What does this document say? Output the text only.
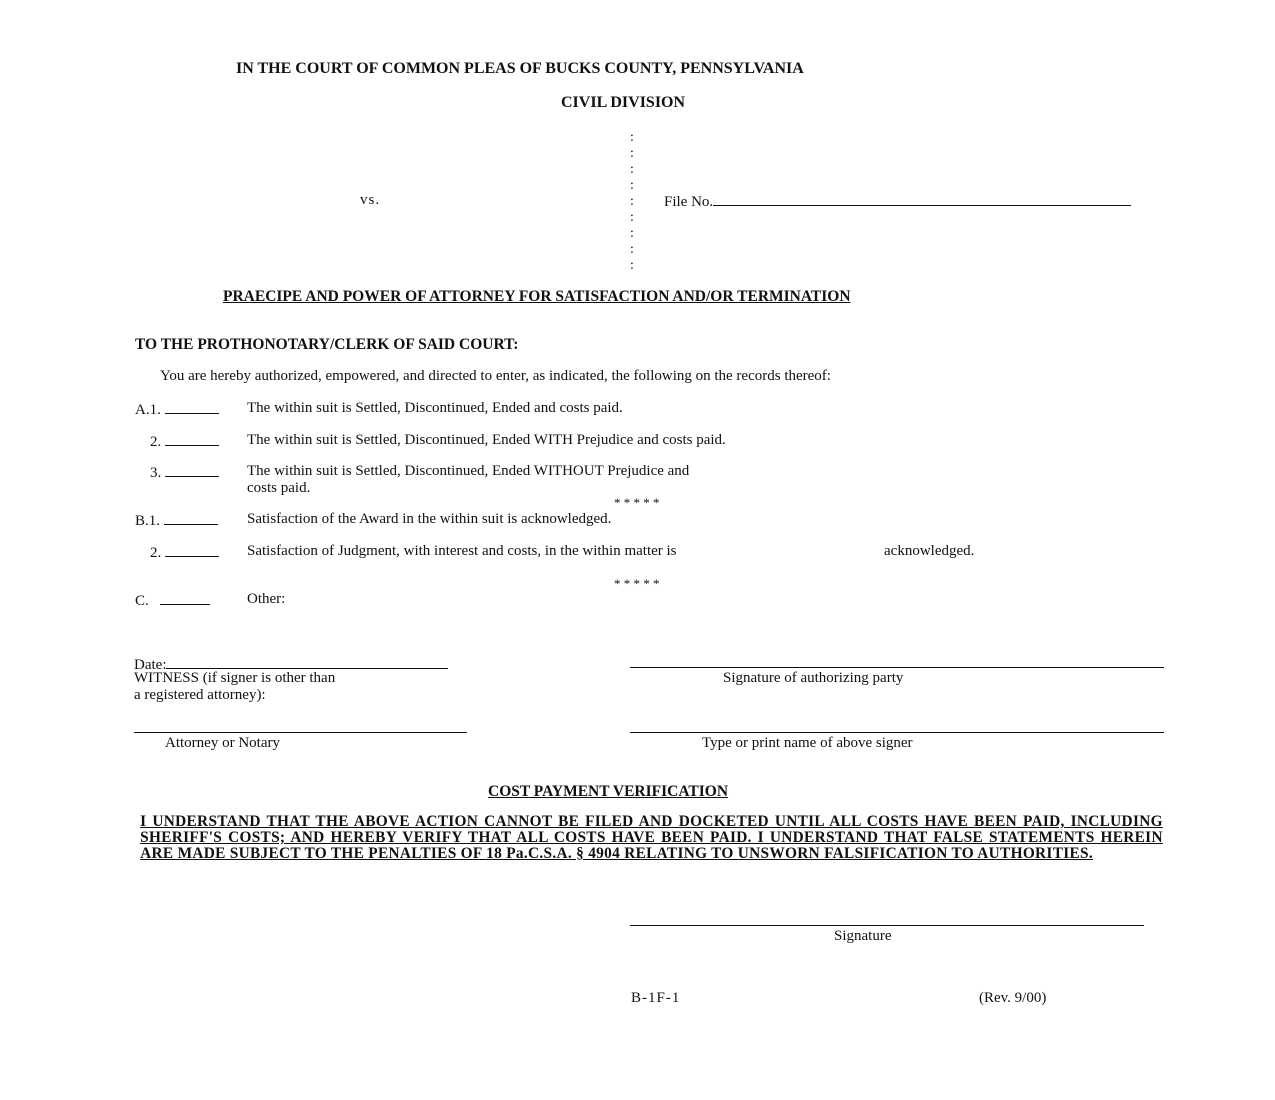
IN THE COURT OF COMMON PLEAS OF BUCKS COUNTY, PENNSYLVANIA
CIVIL DIVISION
:
:
:
:
:
:
:
:
:
vs.	File No.
PRAECIPE AND POWER OF ATTORNEY FOR SATISFACTION AND/OR TERMINATION
TO THE PROTHONOTARY/CLERK OF SAID COURT:
You are hereby authorized, empowered, and directed to enter, as indicated, the following on the records thereof:
A.1.	The within suit is Settled, Discontinued, Ended and costs paid.
2.	The within suit is Settled, Discontinued, Ended WITH Prejudice and costs paid.
3.	The within suit is Settled, Discontinued, Ended WITHOUT Prejudice and
costs paid.
* * * * *
B.1.	Satisfaction of the Award in the within suit is acknowledged.
2.	Satisfaction of Judgment, with interest and costs, in the within matter is	acknowledged.
* * * * *
C.	Other:
Date:
WITNESS (if signer is other than
a registered attorney):
Signature of authorizing party
Attorney or Notary	Type or print name of above signer
COST PAYMENT VERIFICATION
I UNDERSTAND THAT THE ABOVE ACTION CANNOT BE FILED AND DOCKETED UNTIL ALL COSTS HAVE BEEN PAID, INCLUDING SHERIFF'S COSTS; AND HEREBY VERIFY THAT ALL COSTS HAVE BEEN PAID. I UNDERSTAND THAT FALSE STATEMENTS HEREIN ARE MADE SUBJECT TO THE PENALTIES OF 18 Pa.C.S.A. § 4904 RELATING TO UNSWORN FALSIFICATION TO AUTHORITIES.
Signature
B-1F-1	(Rev. 9/00)
